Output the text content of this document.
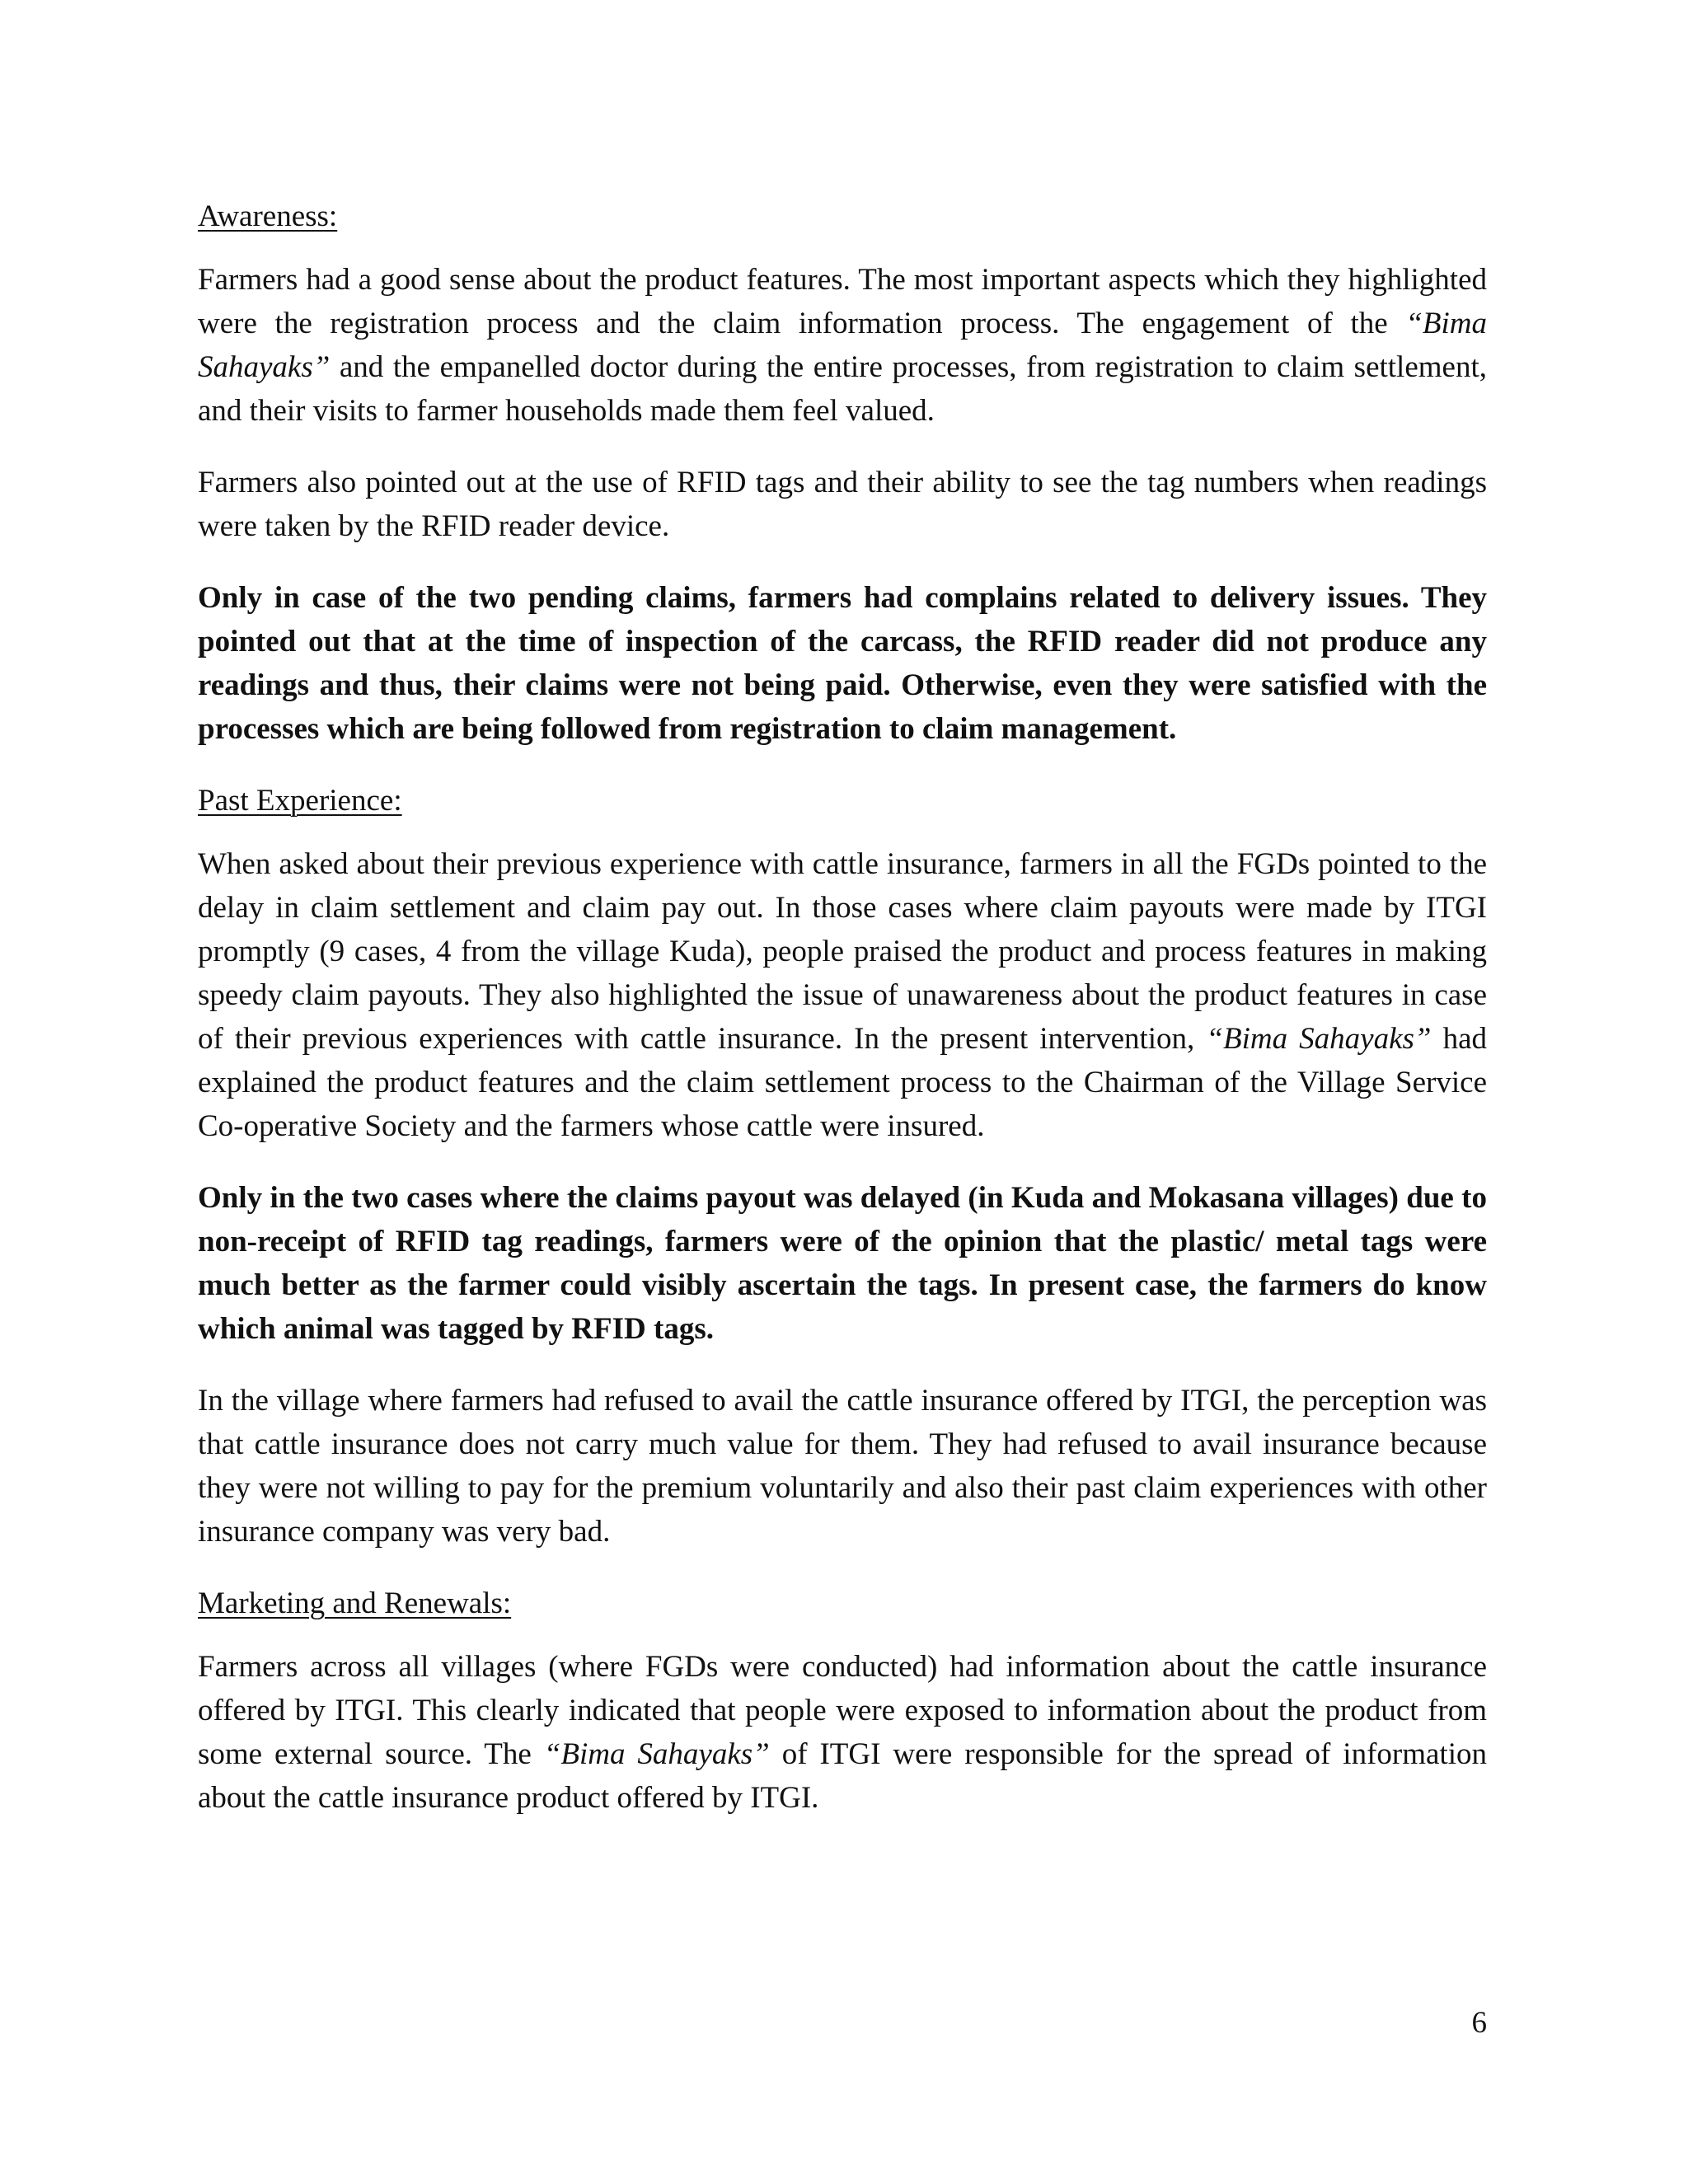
Awareness:

Farmers had a good sense about the product features. The most important aspects which they highlighted were the registration process and the claim information process. The engagement of the “Bima Sahayaks” and the empanelled doctor during the entire processes, from registration to claim settlement, and their visits to farmer households made them feel valued.

Farmers also pointed out at the use of RFID tags and their ability to see the tag numbers when readings were taken by the RFID reader device.

Only in case of the two pending claims, farmers had complains related to delivery issues. They pointed out that at the time of inspection of the carcass, the RFID reader did not produce any readings and thus, their claims were not being paid. Otherwise, even they were satisfied with the processes which are being followed from registration to claim management.

Past Experience:

When asked about their previous experience with cattle insurance, farmers in all the FGDs pointed to the delay in claim settlement and claim pay out. In those cases where claim payouts were made by ITGI promptly (9 cases, 4 from the village Kuda), people praised the product and process features in making speedy claim payouts. They also highlighted the issue of unawareness about the product features in case of their previous experiences with cattle insurance. In the present intervention, “Bima Sahayaks” had explained the product features and the claim settlement process to the Chairman of the Village Service Co-operative Society and the farmers whose cattle were insured.

Only in the two cases where the claims payout was delayed (in Kuda and Mokasana villages) due to non-receipt of RFID tag readings, farmers were of the opinion that the plastic/ metal tags were much better as the farmer could visibly ascertain the tags. In present case, the farmers do know which animal was tagged by RFID tags.

In the village where farmers had refused to avail the cattle insurance offered by ITGI, the perception was that cattle insurance does not carry much value for them. They had refused to avail insurance because they were not willing to pay for the premium voluntarily and also their past claim experiences with other insurance company was very bad.

Marketing and Renewals:

Farmers across all villages (where FGDs were conducted) had information about the cattle insurance offered by ITGI. This clearly indicated that people were exposed to information about the product from some external source. The “Bima Sahayaks” of ITGI were responsible for the spread of information about the cattle insurance product offered by ITGI.

6
